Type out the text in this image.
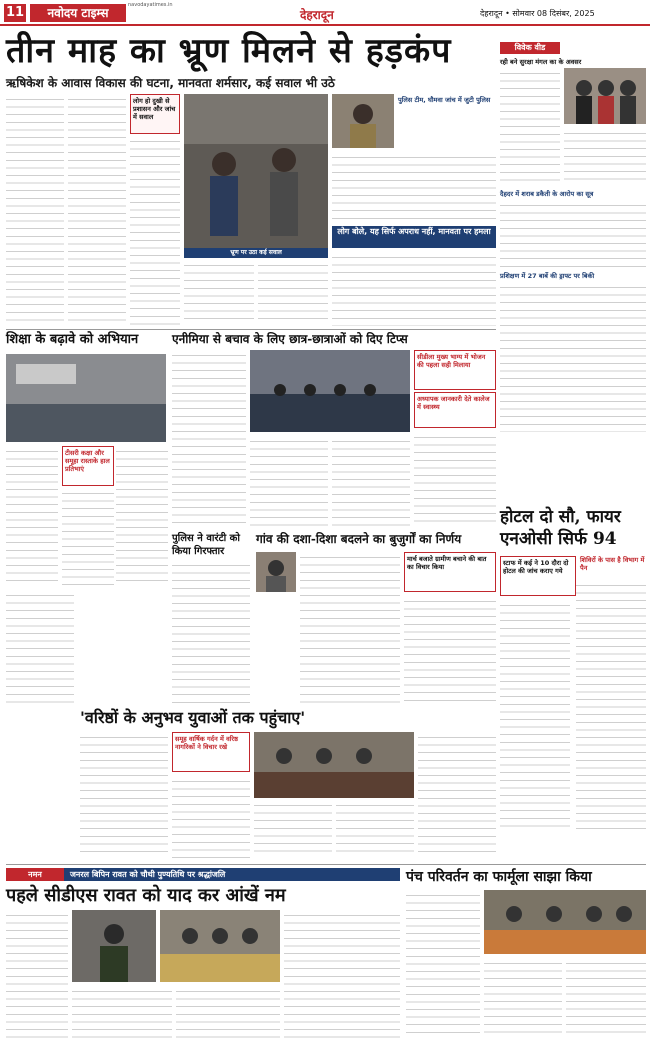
11	नवोदय टाइम्स
navodayatimes.in
देहरादून	देहरादून • सोमवार 08 दिसंबर, 2025
तीन माह का भ्रूण मिलने से हड़कंप
ऋषिकेश के आवास विकास की घटना, मानवता शर्मसार, कई सवाल भी उठे
लोग हो दुखी से प्रशासन और जांच में सवाल
भ्रूण पर उठा कई सवाल
पुलिस टीम, घौमवा जांच में जुटी पुलिस
लोग बोले, यह सिर्फ अपराध नहीं, मानवता पर हमला
विवेक वीड
रही बने सुरक्षा मंगल का के अवसर
दैहदर में शराब डकैती के आरोप का सूत्र
प्रशिक्षण में 27 बार्बे की ड्राफ्ट पर बिकी
शिक्षा के बढ़ावे को अभियान
टीसरी कक्षा और समूहा रास्ताके हाल प्रतिभाएं
एनीमिया से बचाव के लिए छात्र-छात्राओं को दिए टिप्स
सीडीला मुख्य भाग्य में भोजन की पहला सही मिलाया
अध्यापक जानकारी देते कालेज में स्वास्थ्य
होटल दो सौ, फायर एनओसी सिर्फ 94
शिविरों के पास है विभाग में पैन
स्टाफ में कई ने 10 दौरा दो होटल की जांच कराए गये
पुलिस ने वारंटी को किया गिरफ्तार
गांव की दशा-दिशा बदलने का बुजुर्गों का निर्णय
मार्च बजाते ग्रामीण बचाने की बात का विचार किया
'वरिष्ठों के अनुभव युवाओं तक पहुंचाए'
समूह वार्षिक गर्दन में वरिष्ठ नागरिकों ने विचार रखे
नमन	जनरल बिपिन रावत को चौथी पुण्यतिथि पर श्रद्धांजलि
पहले सीडीएस रावत को याद कर आंखें नम
पंच परिवर्तन का फार्मूला साझा किया
